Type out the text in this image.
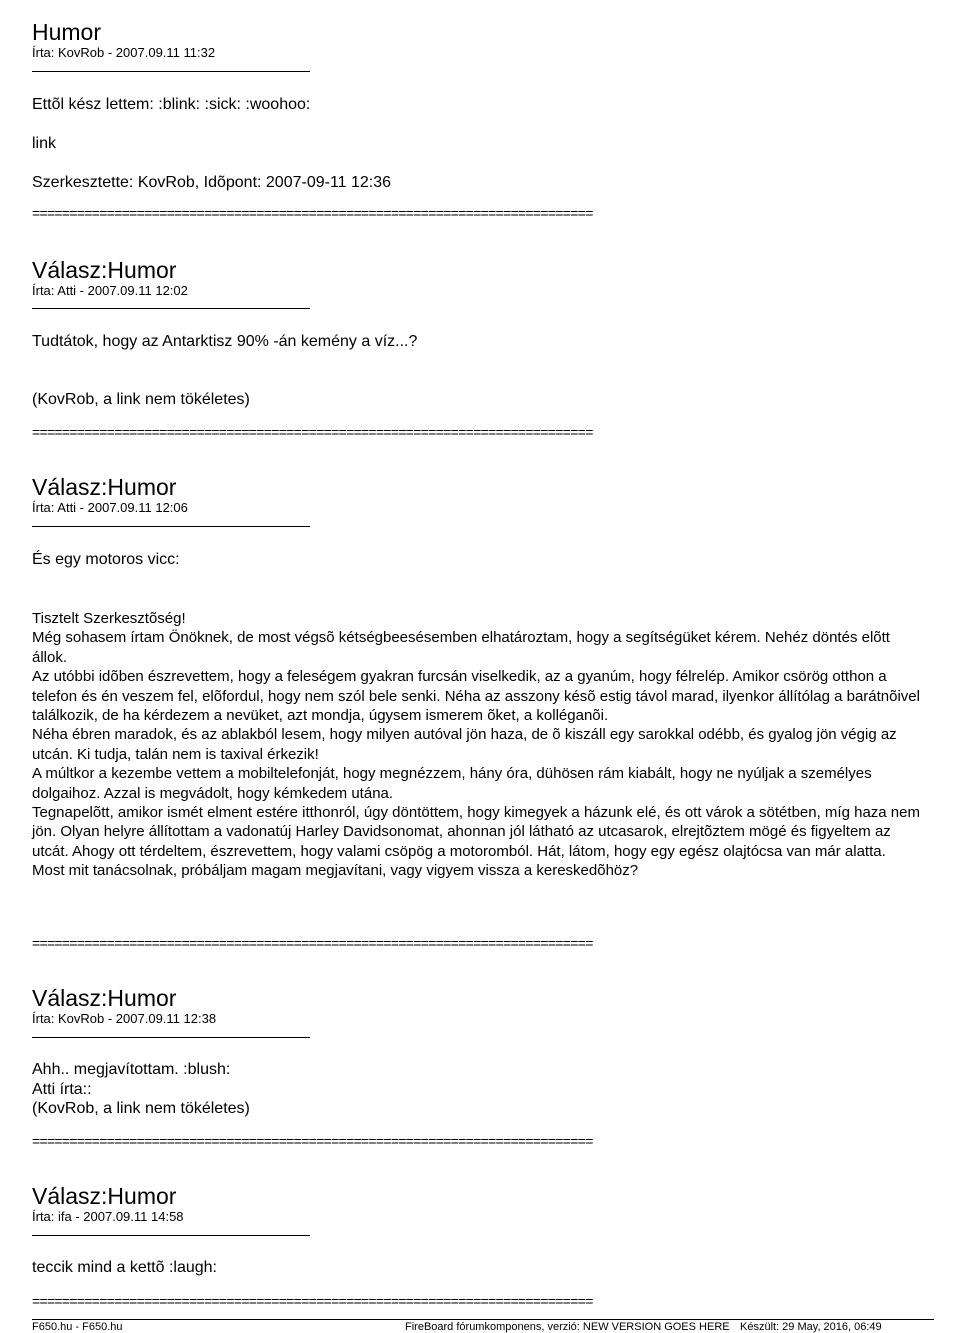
Humor

Írta: KovRob - 2007.09.11 11:32

Ettõl kész lettem: :blink: :sick: :woohoo:

link

Szerkesztette: KovRob, Idõpont: 2007-09-11 12:36

===========================================================================

Válasz:Humor

Írta: Atti - 2007.09.11 12:02

Tudtátok, hogy az Antarktisz 90% -án kemény a víz...?

(KovRob, a link nem tökéletes)

===========================================================================

Válasz:Humor

Írta: Atti - 2007.09.11 12:06

És egy motoros vicc:

Tisztelt Szerkesztõség!

Még sohasem írtam Önöknek, de most végsõ kétségbeesésemben elhatároztam, hogy a segítségüket kérem. Nehéz döntés elõtt állok.

Az utóbbi idõben észrevettem, hogy a feleségem gyakran furcsán viselkedik, az a gyanúm, hogy félrelép. Amikor csörög otthon a telefon és én veszem fel, elõfordul, hogy nem szól bele senki. Néha az asszony késõ estig távol marad, ilyenkor állítólag a barátnõivel találkozik, de ha kérdezem a nevüket, azt mondja, úgysem ismerem õket, a kolléganõi.

Néha ébren maradok, és az ablakból lesem, hogy milyen autóval jön haza, de õ kiszáll egy sarokkal odébb, és gyalog jön végig az utcán. Ki tudja, talán nem is taxival érkezik!

A múltkor a kezembe vettem a mobiltelefonját, hogy megnézzem, hány óra, dühösen rám kiabált, hogy ne nyúljak a személyes dolgaihoz. Azzal is megvádolt, hogy kémkedem utána.

Tegnapelõtt, amikor ismét elment estére itthonról, úgy döntöttem, hogy kimegyek a házunk elé, és ott várok a sötétben, míg haza nem jön. Olyan helyre állítottam a vadonatúj Harley Davidsonomat, ahonnan jól látható az utcasarok, elrejtõztem mögé és figyeltem az utcát. Ahogy ott térdeltem, észrevettem, hogy valami csöpög a motoromból. Hát, látom, hogy egy egész olajtócsa van már alatta.

Most mit tanácsolnak, próbáljam magam megjavítani, vagy vigyem vissza a kereskedõhöz?

===========================================================================

Válasz:Humor

Írta: KovRob - 2007.09.11 12:38

Ahh.. megjavítottam. :blush:

Atti írta::

(KovRob, a link nem tökéletes)

===========================================================================

Válasz:Humor

Írta: ifa - 2007.09.11 14:58

teccik mind a kettõ :laugh:

===========================================================================

F650.hu - F650.hu	FireBoard fórumkomponens, verzió: NEW VERSION GOES HERE Készült: 29 May, 2016, 06:49
